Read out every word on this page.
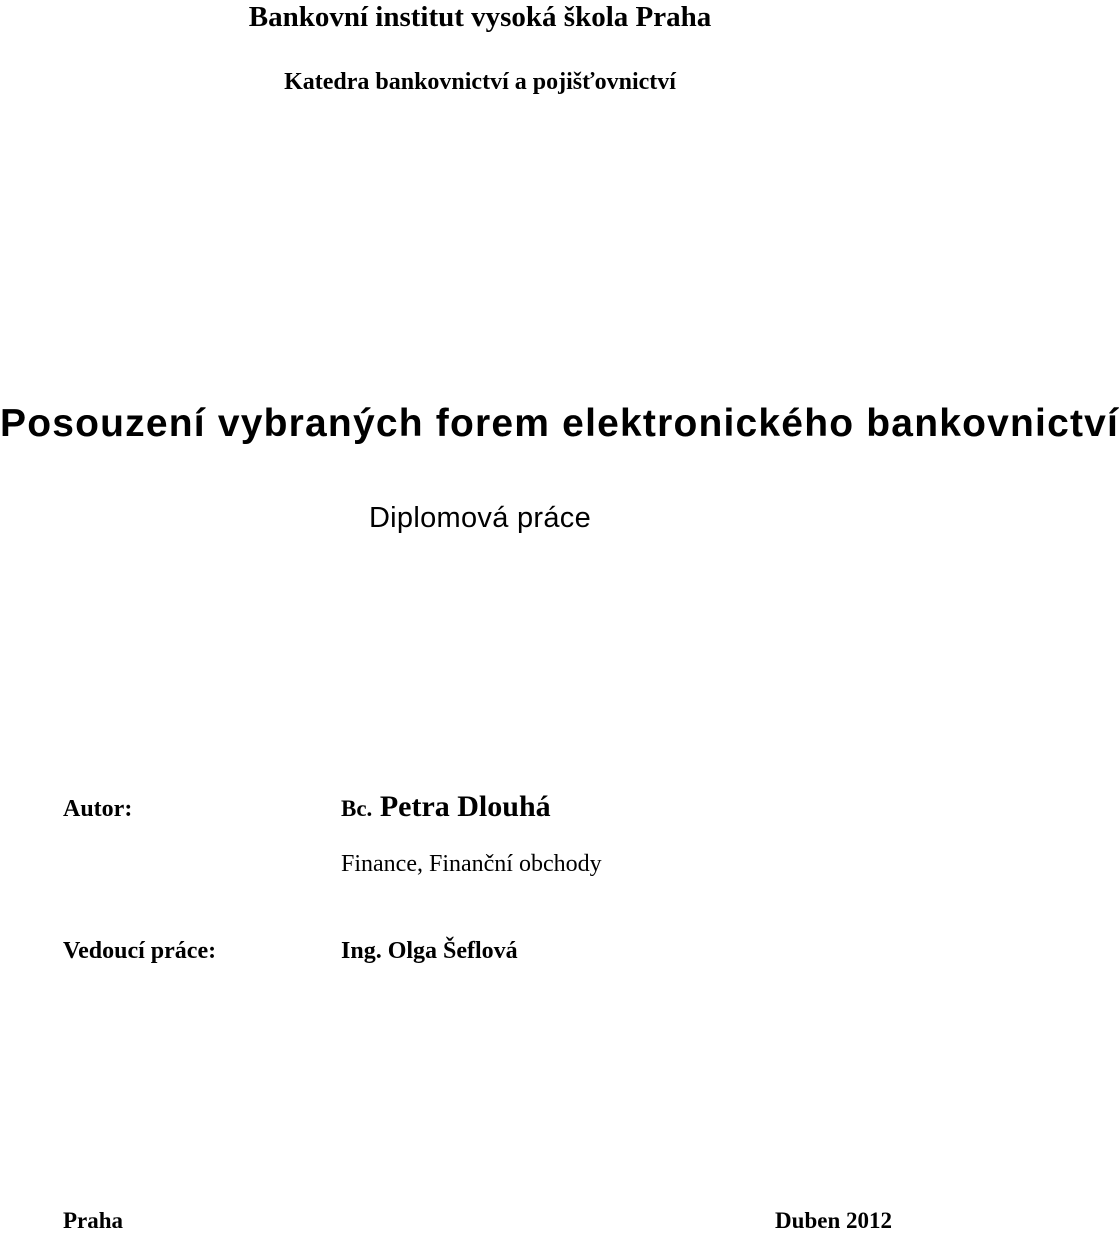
Bankovní institut vysoká škola Praha
Katedra bankovnictví a pojišťovnictví
Posouzení vybraných forem elektronického bankovnictví
Diplomová práce
Autor:	Bc. Petra Dlouhá
Finance, Finanční obchody
Vedoucí práce:	Ing. Olga Šeflová
Praha	Duben 2012
